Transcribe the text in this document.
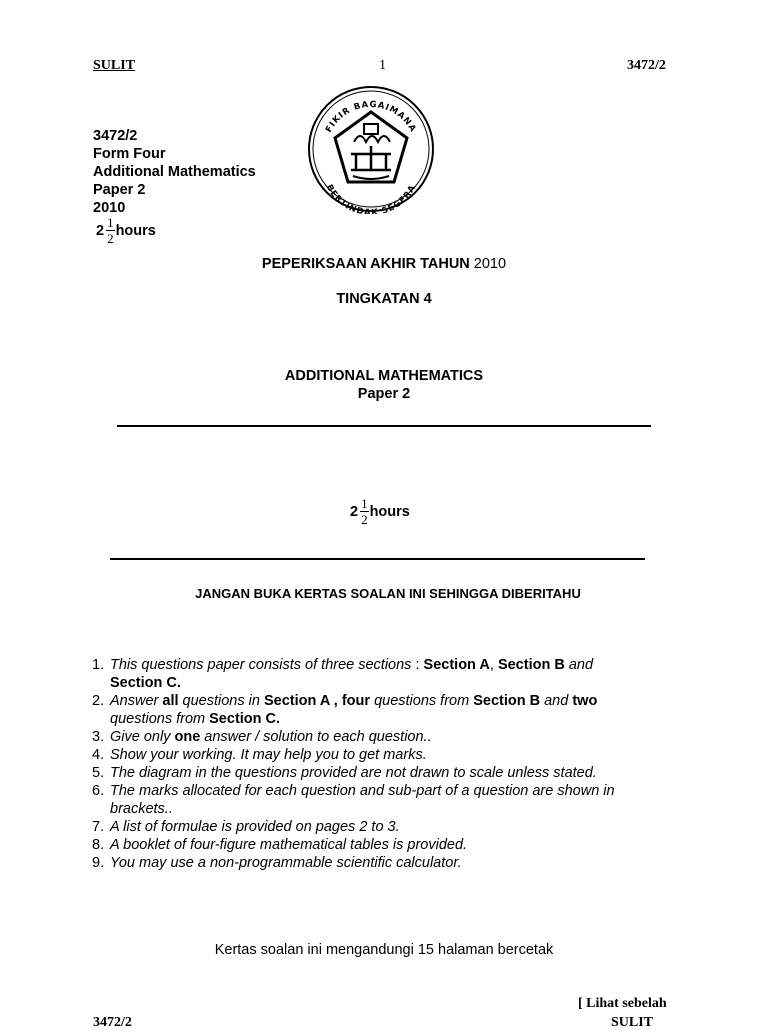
SULIT	1	3472/2
FIKIR BAGAIMANA
BERTINDAK SEGERA
3472/2
Form Four
Additional Mathematics
Paper 2
2010
$2 \frac{1}{2}$ hours
PEPERIKSAAN AKHIR TAHUN 2010
TINGKATAN 4
ADDITIONAL MATHEMATICS
Paper 2
$2 \frac{1}{2}$ hours
JANGAN BUKA KERTAS SOALAN INI SEHINGGA DIBERITAHU
1. This questions paper consists of three sections : Section A, Section B and
Section C.
2. Answer all questions in Section A , four questions from Section B and two
questions from Section C.
3. Give only one answer / solution to each question..
4. Show your working. It may help you to get marks.
5. The diagram in the questions provided are not drawn to scale unless stated.
6. The marks allocated for each question and sub-part of a question are shown in brackets..
7. A list of formulae is provided on pages 2 to 3.
8. A booklet of four-figure mathematical tables is provided.
9. You may use a non-programmable scientific calculator.
Kertas soalan ini mengandungi 15 halaman bercetak
[ Lihat sebelah
3472/2	SULIT
